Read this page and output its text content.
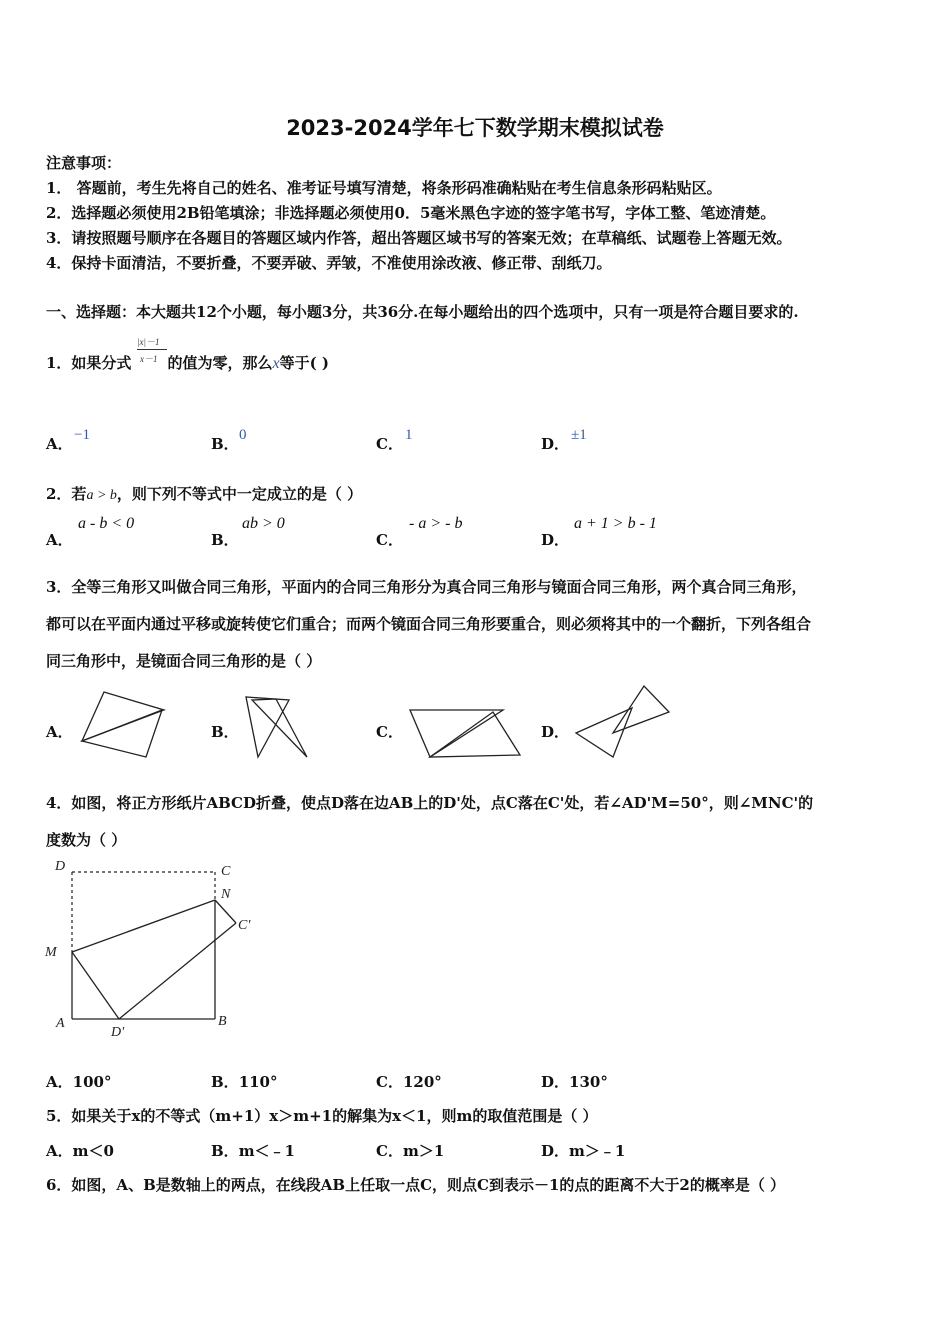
2023-2024学年七下数学期末模拟试卷
注意事项：
1． 答题前，考生先将自己的姓名、准考证号填写清楚，将条形码准确粘贴在考生信息条形码粘贴区。
2．选择题必须使用2B铅笔填涂；非选择题必须使用0．5毫米黑色字迹的签字笔书写，字体工整、笔迹清楚。
3．请按照题号顺序在各题目的答题区域内作答，超出答题区域书写的答案无效；在草稿纸、试题卷上答题无效。
4．保持卡面清洁，不要折叠，不要弄破、弄皱，不准使用涂改液、修正带、刮纸刀。
一、选择题：本大题共12个小题，每小题3分，共36分.在每小题给出的四个选项中，只有一项是符合题目要求的.
1．如果分式 的值为零，那么x等于( )
|x|－1
x－1
A． −1	B． 0	C． 1	D． ±1
2．若a > b，则下列不等式中一定成立的是（ ）
A．
a - b < 0
B．
ab > 0
C．
- a > - b
D．
a + 1 > b - 1
3．全等三角形又叫做合同三角形，平面内的合同三角形分为真合同三角形与镜面合同三角形，两个真合同三角形，
都可以在平面内通过平移或旋转使它们重合；而两个镜面合同三角形要重合，则必须将其中的一个翻折，下列各组合
同三角形中，是镜面合同三角形的是（ ）
A．	B．	C．	D．
4．如图，将正方形纸片ABCD折叠，使点D落在边AB上的D'处，点C落在C'处，若∠AD'M=50°，则∠MNC'的
度数为（ ）
D	C
N
C'
M
A
D'
B
A．100°	B．110°	C．120°	D．130°
5．如果关于x的不等式（m+1）x＞m+1的解集为x＜1，则m的取值范围是（ ）
A．m＜0	B．m＜﹣1	C．m＞1	D．m＞﹣1
6．如图，A、B是数轴上的两点，在线段AB上任取一点C，则点C到表示－1的点的距离不大于2的概率是（ ）
